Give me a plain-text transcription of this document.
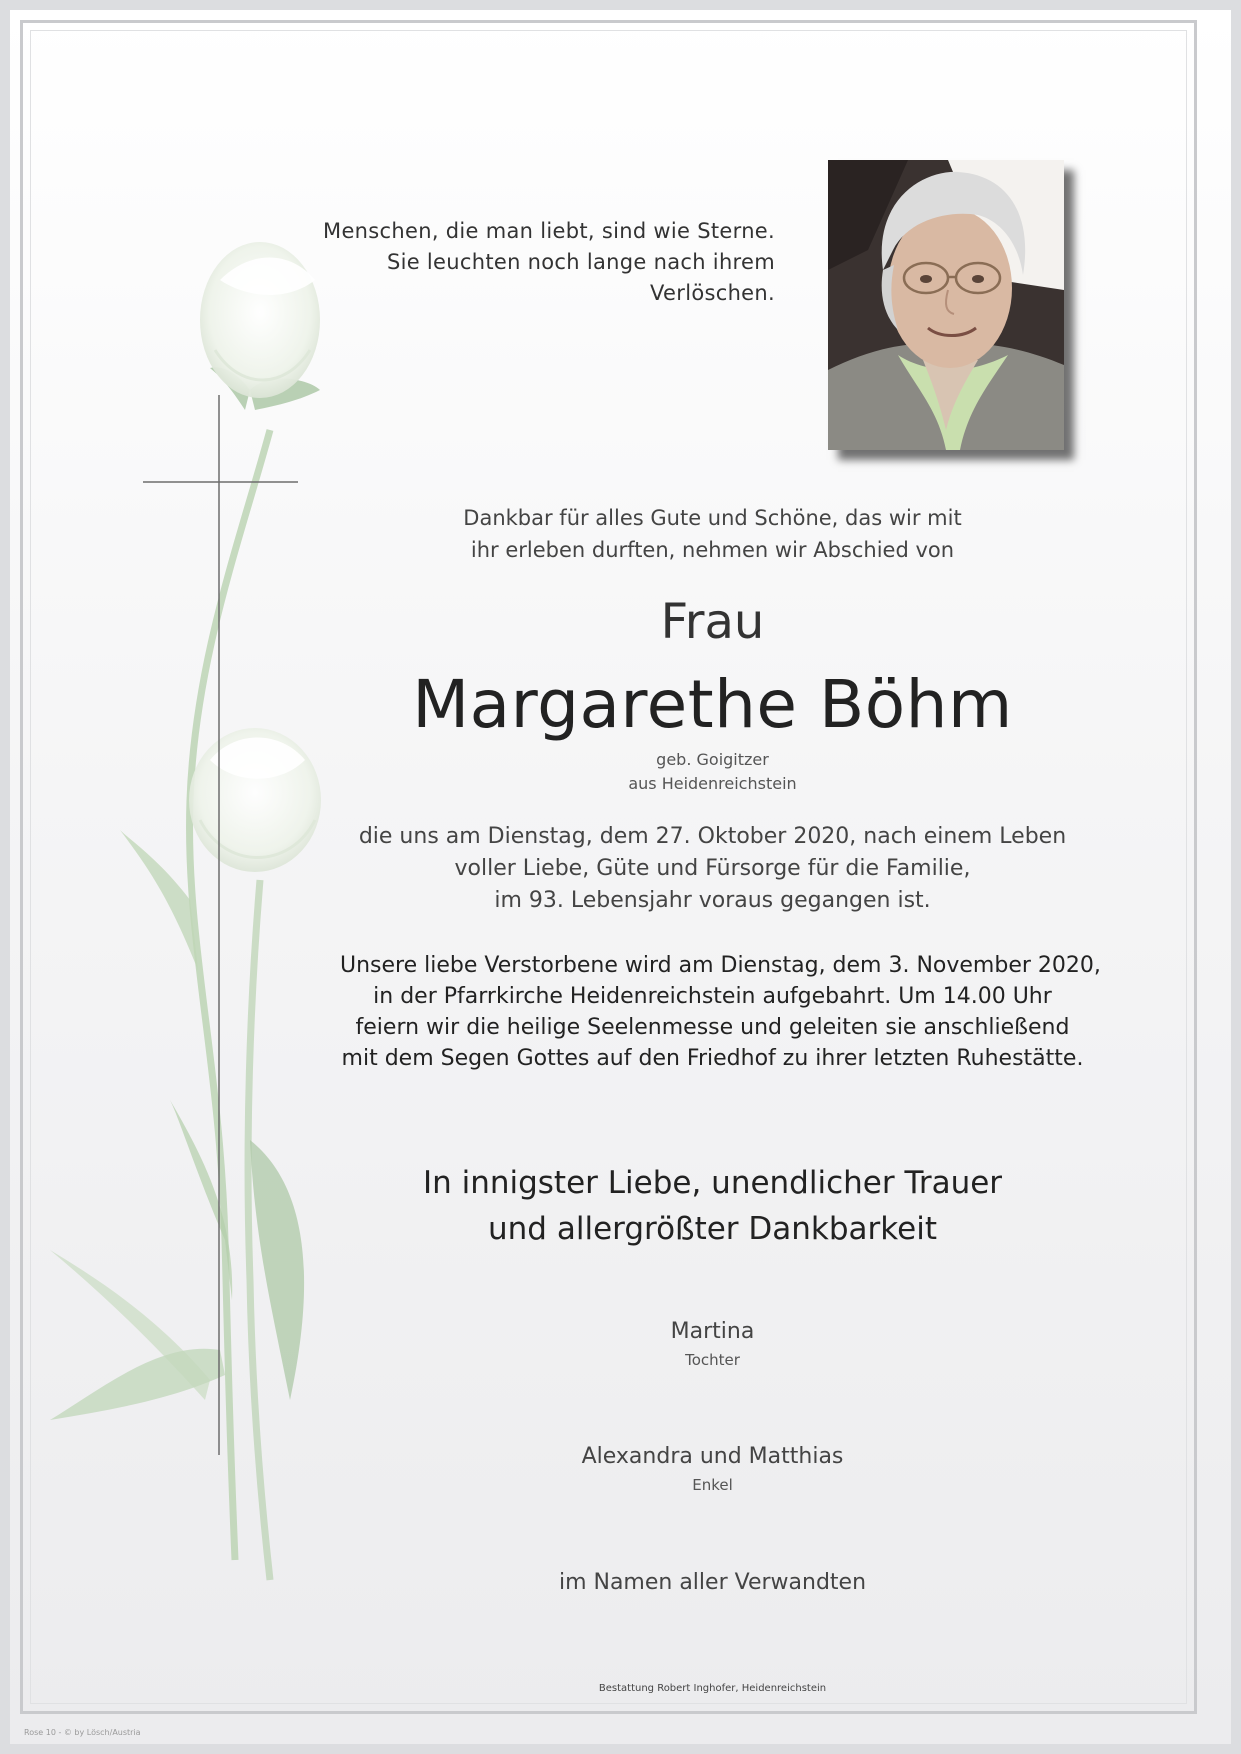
Menschen, die man liebt, sind wie Sterne.
Sie leuchten noch lange nach ihrem
Verlöschen.
Dankbar für alles Gute und Schöne, das wir mit
ihr erleben durften, nehmen wir Abschied von
Frau
Margarethe Böhm
geb. Goigitzer
aus Heidenreichstein
die uns am Dienstag, dem 27. Oktober 2020, nach einem Leben
voller Liebe, Güte und Fürsorge für die Familie,
im 93. Lebensjahr voraus gegangen ist.
Unsere liebe Verstorbene wird am Dienstag, dem 3. November 2020,
in der Pfarrkirche Heidenreichstein aufgebahrt. Um 14.00 Uhr
feiern wir die heilige Seelenmesse und geleiten sie anschließend
mit dem Segen Gottes auf den Friedhof zu ihrer letzten Ruhestätte.
In innigster Liebe, unendlicher Trauer
und allergrößter Dankbarkeit
Martina
Tochter
Alexandra und Matthias
Enkel
im Namen aller Verwandten
Bestattung Robert Inghofer, Heidenreichstein
Rose 10 - © by Lösch/Austria
